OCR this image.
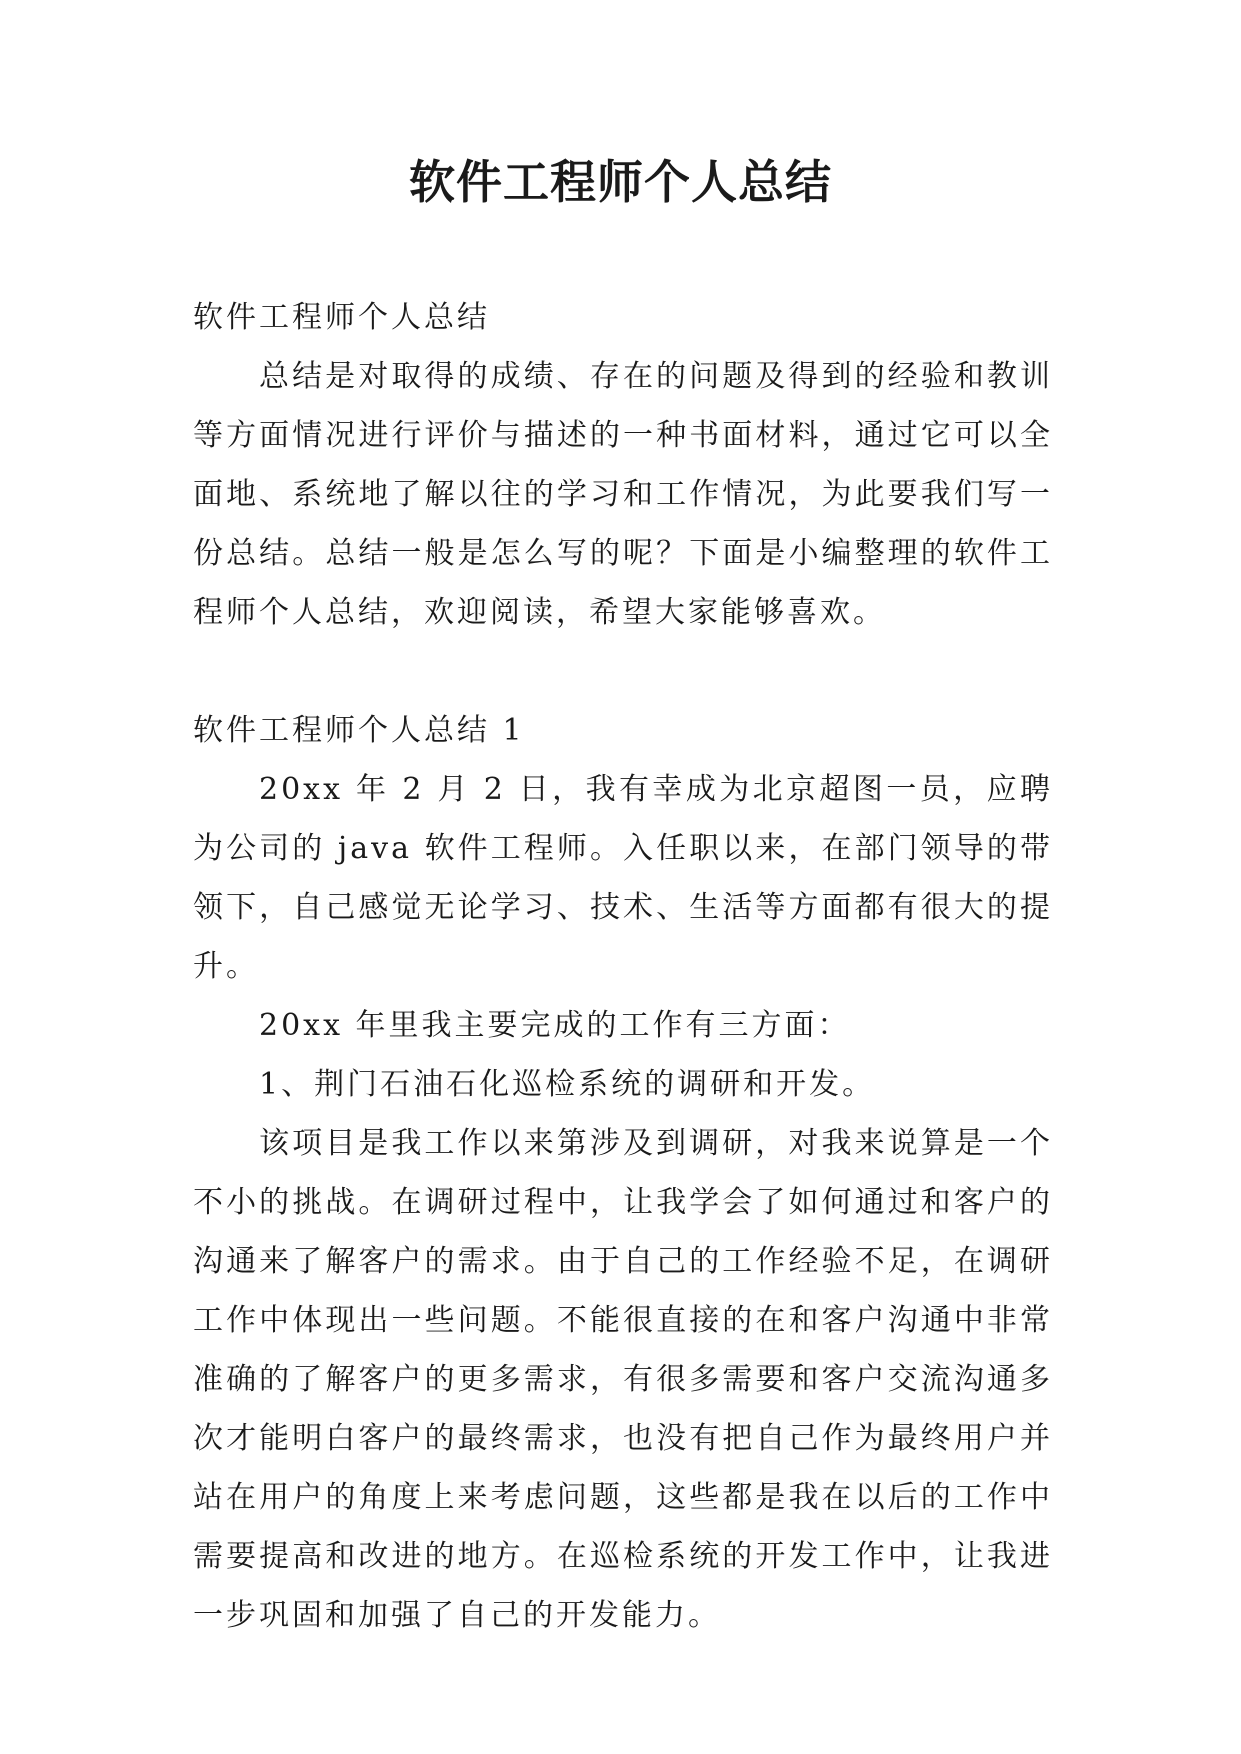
软件工程师个人总结

软件工程师个人总结

总结是对取得的成绩、存在的问题及得到的经验和教训等方面情况进行评价与描述的一种书面材料，通过它可以全面地、系统地了解以往的学习和工作情况，为此要我们写一份总结。总结一般是怎么写的呢？下面是小编整理的软件工程师个人总结，欢迎阅读，希望大家能够喜欢。

软件工程师个人总结 1

20xx 年 2 月 2 日，我有幸成为北京超图一员，应聘为公司的 java 软件工程师。入任职以来，在部门领导的带领下，自己感觉无论学习、技术、生活等方面都有很大的提升。

20xx 年里我主要完成的工作有三方面：

1、荆门石油石化巡检系统的调研和开发。

该项目是我工作以来第涉及到调研，对我来说算是一个不小的挑战。在调研过程中，让我学会了如何通过和客户的沟通来了解客户的需求。由于自己的工作经验不足，在调研工作中体现出一些问题。不能很直接的在和客户沟通中非常准确的了解客户的更多需求，有很多需要和客户交流沟通多次才能明白客户的最终需求，也没有把自己作为最终用户并站在用户的角度上来考虑问题，这些都是我在以后的工作中需要提高和改进的地方。在巡检系统的开发工作中，让我进一步巩固和加强了自己的开发能力。
